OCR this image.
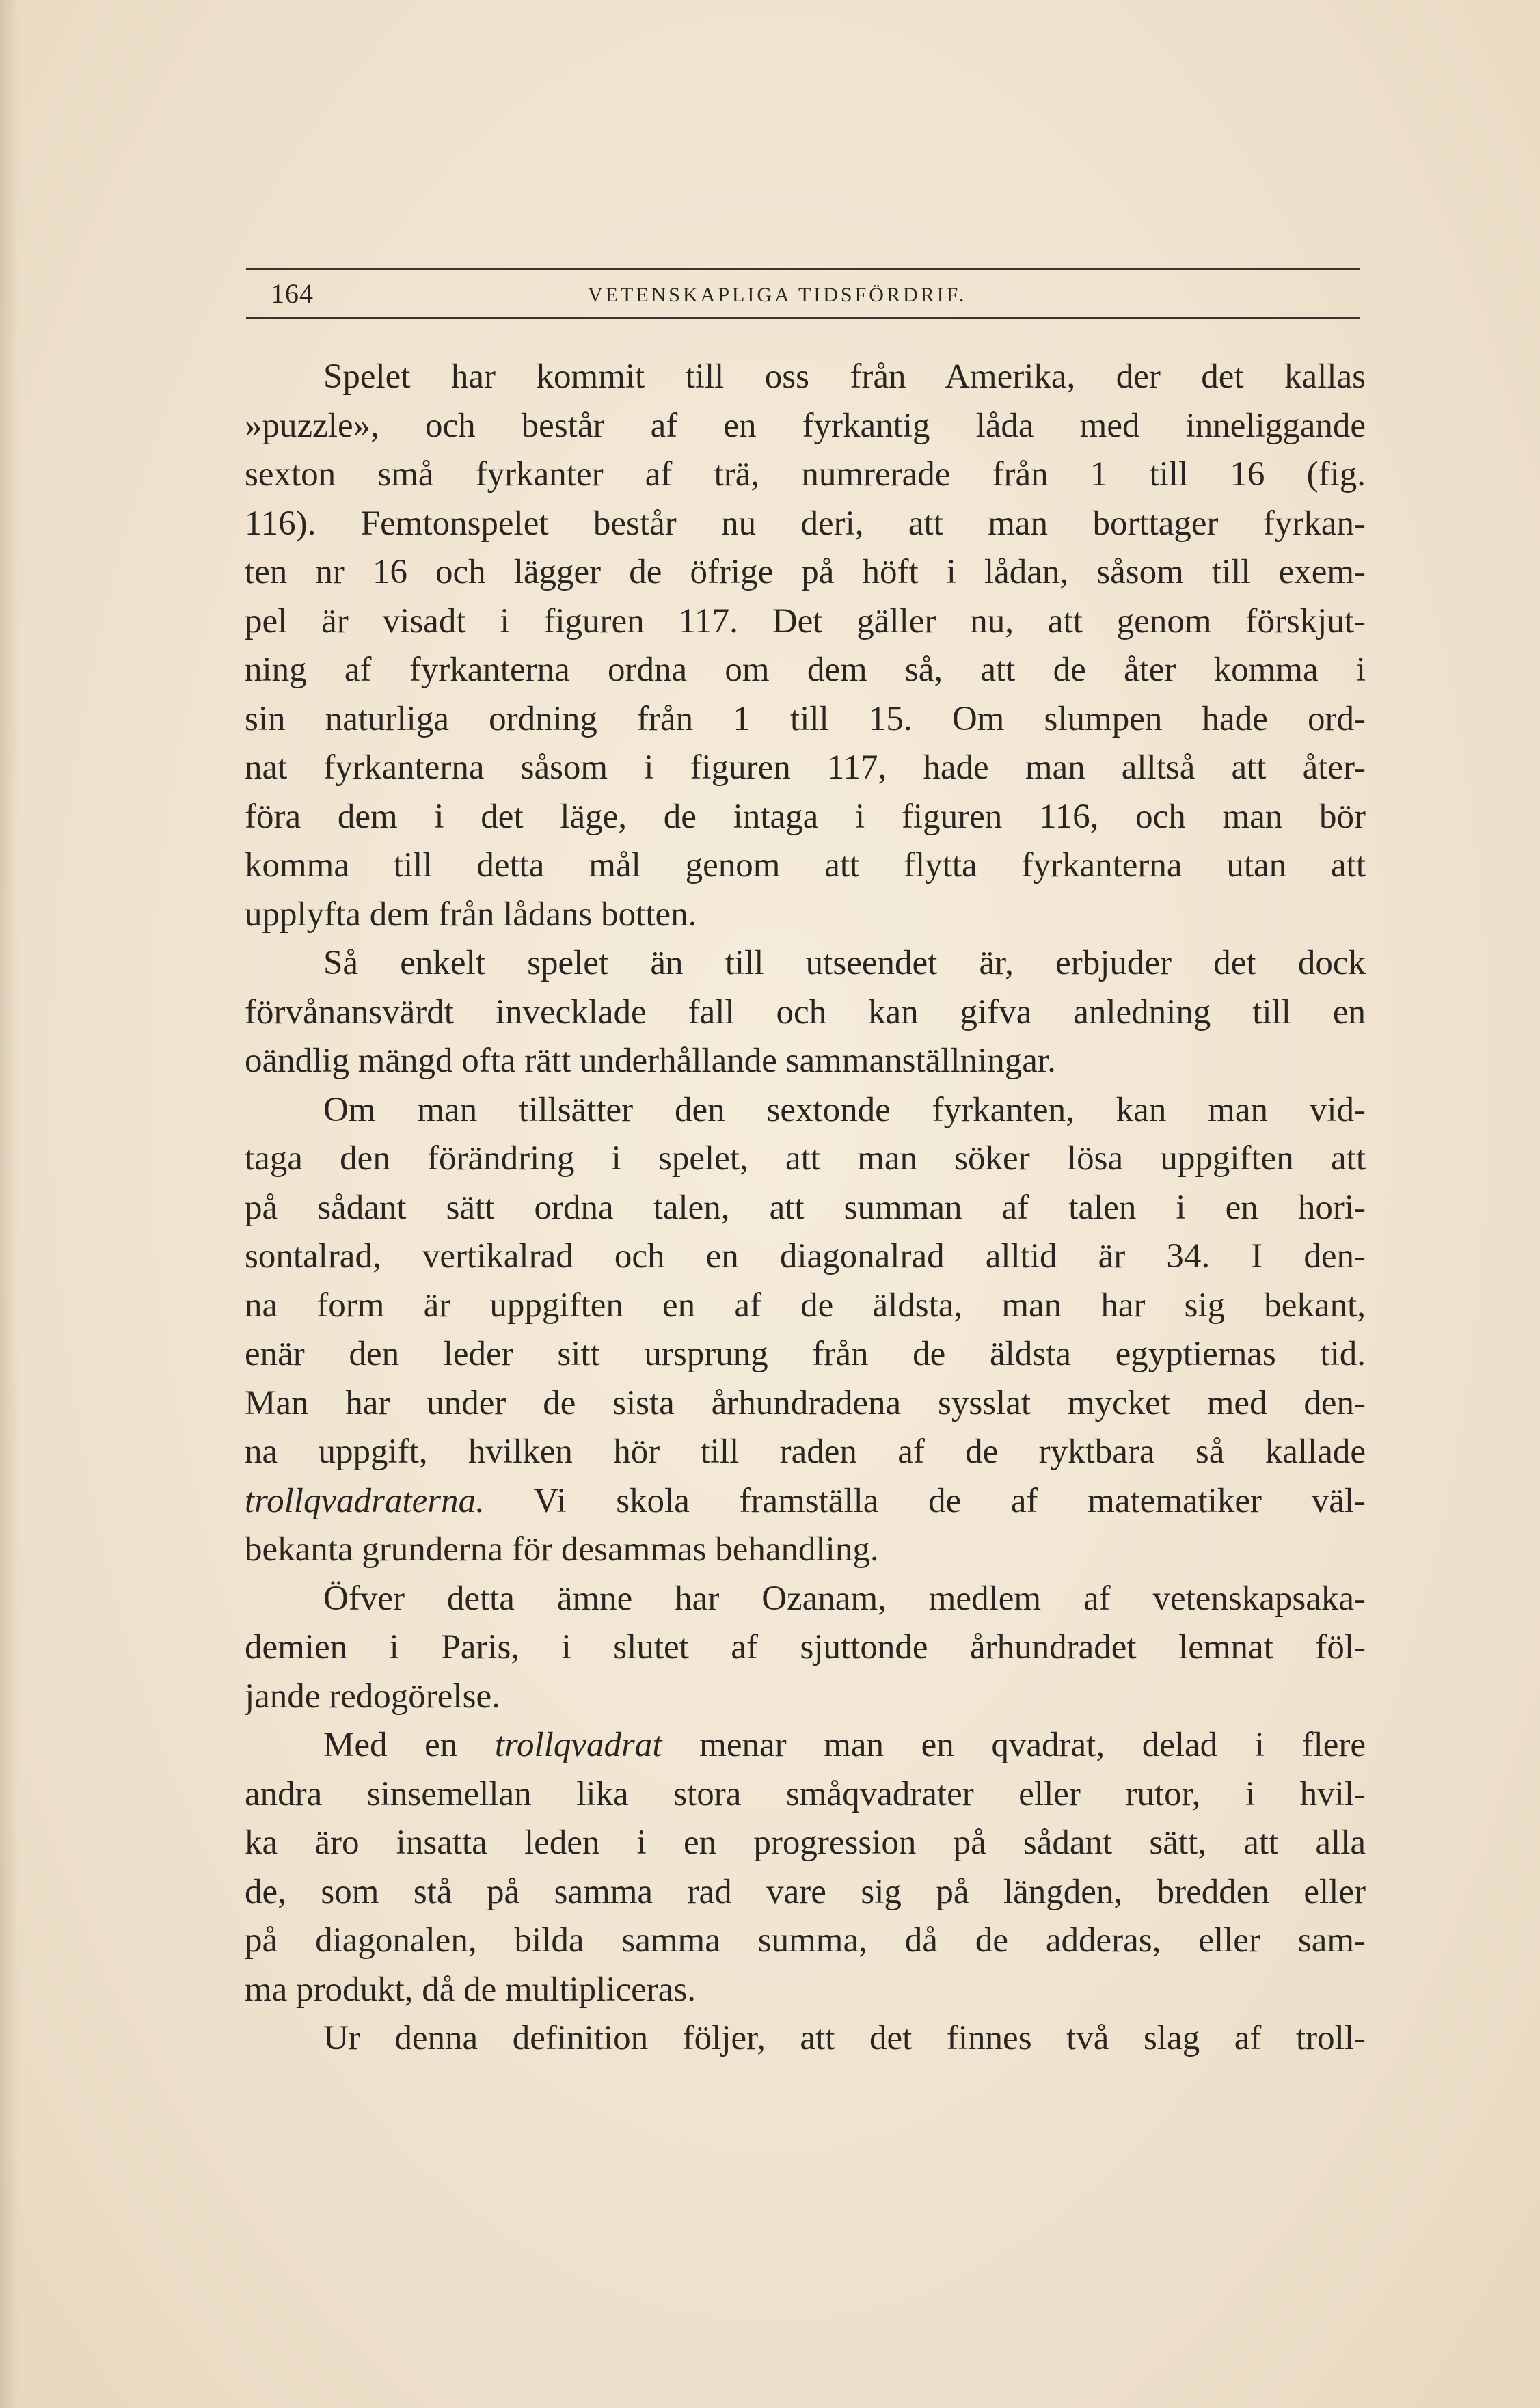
164	VETENSKAPLIGA TIDSFÖRDRIF.
Spelet har kommit till oss från Amerika, der det kallas
»puzzle», och består af en fyrkantig låda med inneliggande
sexton små fyrkanter af trä, numrerade från 1 till 16 (fig.
116). Femtonspelet består nu deri, att man borttager fyrkan-
ten nr 16 och lägger de öfrige på höft i lådan, såsom till exem-
pel är visadt i figuren 117. Det gäller nu, att genom förskjut-
ning af fyrkanterna ordna om dem så, att de åter komma i
sin naturliga ordning från 1 till 15. Om slumpen hade ord-
nat fyrkanterna såsom i figuren 117, hade man alltså att åter-
föra dem i det läge, de intaga i figuren 116, och man bör
komma till detta mål genom att flytta fyrkanterna utan att
upplyfta dem från lådans botten.
Så enkelt spelet än till utseendet är, erbjuder det dock
förvånansvärdt invecklade fall och kan gifva anledning till en
oändlig mängd ofta rätt underhållande sammanställningar.
Om man tillsätter den sextonde fyrkanten, kan man vid-
taga den förändring i spelet, att man söker lösa uppgiften att
på sådant sätt ordna talen, att summan af talen i en hori-
sontalrad, vertikalrad och en diagonalrad alltid är 34. I den-
na form är uppgiften en af de äldsta, man har sig bekant,
enär den leder sitt ursprung från de äldsta egyptiernas tid.
Man har under de sista århundradena sysslat mycket med den-
na uppgift, hvilken hör till raden af de ryktbara så kallade
trollqvadraterna. Vi skola framställa de af matematiker väl-
bekanta grunderna för desammas behandling.
Öfver detta ämne har Ozanam, medlem af vetenskapsaka-
demien i Paris, i slutet af sjuttonde århundradet lemnat föl-
jande redogörelse.
Med en trollqvadrat menar man en qvadrat, delad i flere
andra sinsemellan lika stora småqvadrater eller rutor, i hvil-
ka äro insatta leden i en progression på sådant sätt, att alla
de, som stå på samma rad vare sig på längden, bredden eller
på diagonalen, bilda samma summa, då de adderas, eller sam-
ma produkt, då de multipliceras.
Ur denna definition följer, att det finnes två slag af troll-
